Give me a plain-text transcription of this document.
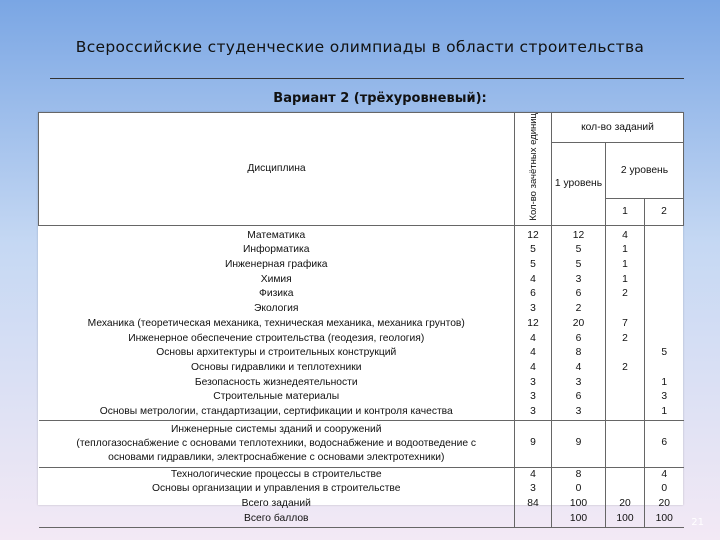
Всероссийские студенческие олимпиады в области строительства
Вариант 2 (трёхуровневый):
Дисциплина	Кол-во зачётных единиц	кол-во заданий		
		1 уровень	2 уровень	
			1	2
Математика	12	12	4	
Информатика	5	5	1	
Инженерная графика	5	5	1	
Химия	4	3	1	
Физика	6	6	2	
Экология	3	2		
Механика (теоретическая механика, техническая механика, механика грунтов)	12	20	7	
Инженерное обеспечение строительства (геодезия, геология)	4	6	2	
Основы архитектуры и строительных конструкций	4	8		5
Основы гидравлики и теплотехники	4	4	2	
Безопасность жизнедеятельности	3	3		1
Строительные материалы	3	6		3
Основы метрологии, стандартизации, сертификации и контроля качества	3	3		1
Инженерные системы зданий и сооружений
(теплогазоснабжение с основами теплотехники, водоснабжение и водоотведение с
основами гидравлики, электроснабжение с основами электротехники)	9	9		6
Технологические процессы в строительстве	4	8		4
Основы организации и управления в строительстве	3	0		0
Всего заданий	84	100	20	20
Всего баллов		100	100	100 21
